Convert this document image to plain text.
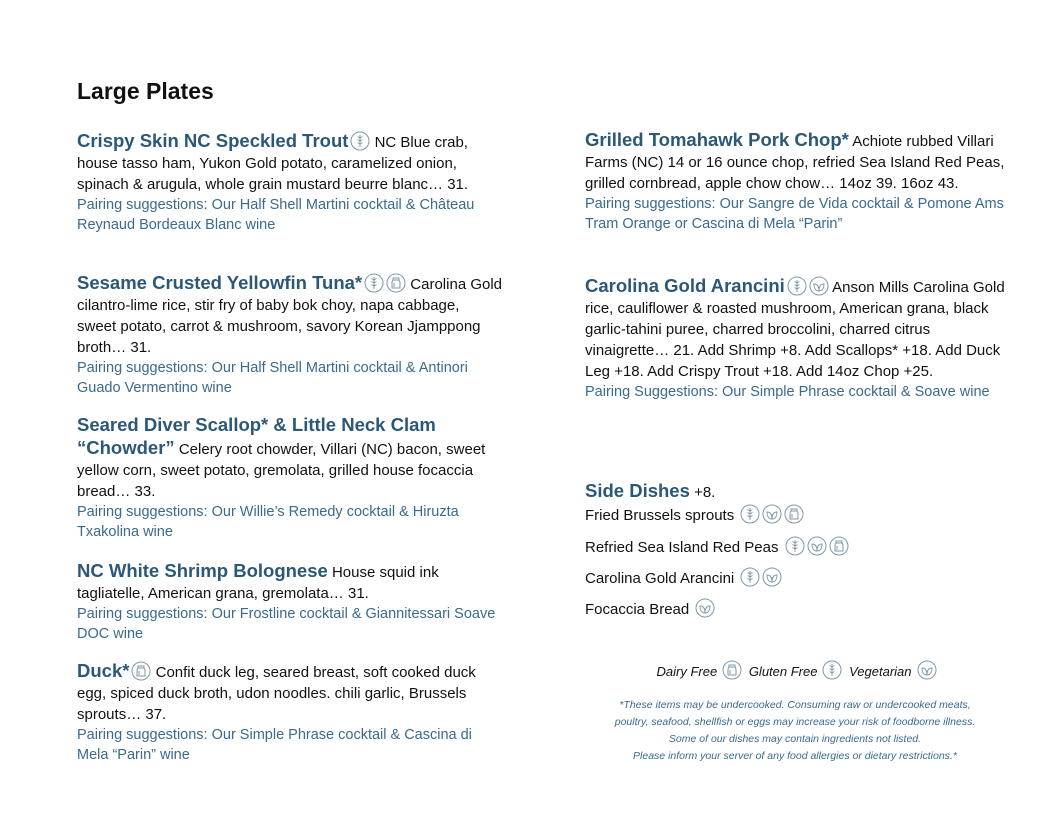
Large Plates
Crispy Skin NC Speckled Trout NC Blue crab, house tasso ham, Yukon Gold potato, caramelized onion, spinach & arugula, whole grain mustard beurre blanc… 31.
Pairing suggestions: Our Half Shell Martini cocktail & Château Reynaud Bordeaux Blanc wine
Sesame Crusted Yellowfin Tuna*	Carolina Gold cilantro-lime rice, stir fry of baby bok choy, napa cabbage, sweet potato, carrot & mushroom, savory Korean Jjamppong broth… 31.
Pairing suggestions: Our Half Shell Martini cocktail & Antinori Guado Vermentino wine
Seared Diver Scallop* & Little Neck Clam “Chowder” Celery root chowder, Villari (NC) bacon, sweet yellow corn, sweet potato, gremolata, grilled house focaccia bread… 33.
Pairing suggestions: Our Willie’s Remedy cocktail & Hiruzta Txakolina wine
NC White Shrimp Bolognese House squid ink tagliatelle, American grana, gremolata… 31.
Pairing suggestions: Our Frostline cocktail & Giannitessari Soave DOC wine
Duck* Confit duck leg, seared breast, soft cooked duck egg, spiced duck broth, udon noodles. chili garlic, Brussels sprouts… 37.
Pairing suggestions: Our Simple Phrase cocktail & Cascina di Mela “Parin” wine
Grilled Tomahawk Pork Chop* Achiote rubbed Villari Farms (NC) 14 or 16 ounce chop, refried Sea Island Red Peas, grilled cornbread, apple chow chow… 14oz 39. 16oz 43.
Pairing suggestions: Our Sangre de Vida cocktail & Pomone Ams Tram Orange or Cascina di Mela “Parin”
Carolina Gold Arancini	Anson Mills Carolina Gold rice, cauliflower & roasted mushroom, American grana, black garlic-tahini puree, charred broccolini, charred citrus vinaigrette… 21. Add Shrimp +8. Add Scallops* +18. Add Duck Leg +18. Add Crispy Trout +18. Add 14oz Chop +25.
Pairing Suggestions: Our Simple Phrase cocktail & Soave wine
Side Dishes +8.
Fried Brussels sprouts
Refried Sea Island Red Peas
Carolina Gold Arancini
Focaccia Bread
Dairy Free Gluten Free Vegetarian
*These items may be undercooked. Consuming raw or undercooked meats,
poultry, seafood, shellfish or eggs may increase your risk of foodborne illness.
Some of our dishes may contain ingredients not listed.
Please inform your server of any food allergies or dietary restrictions.*
